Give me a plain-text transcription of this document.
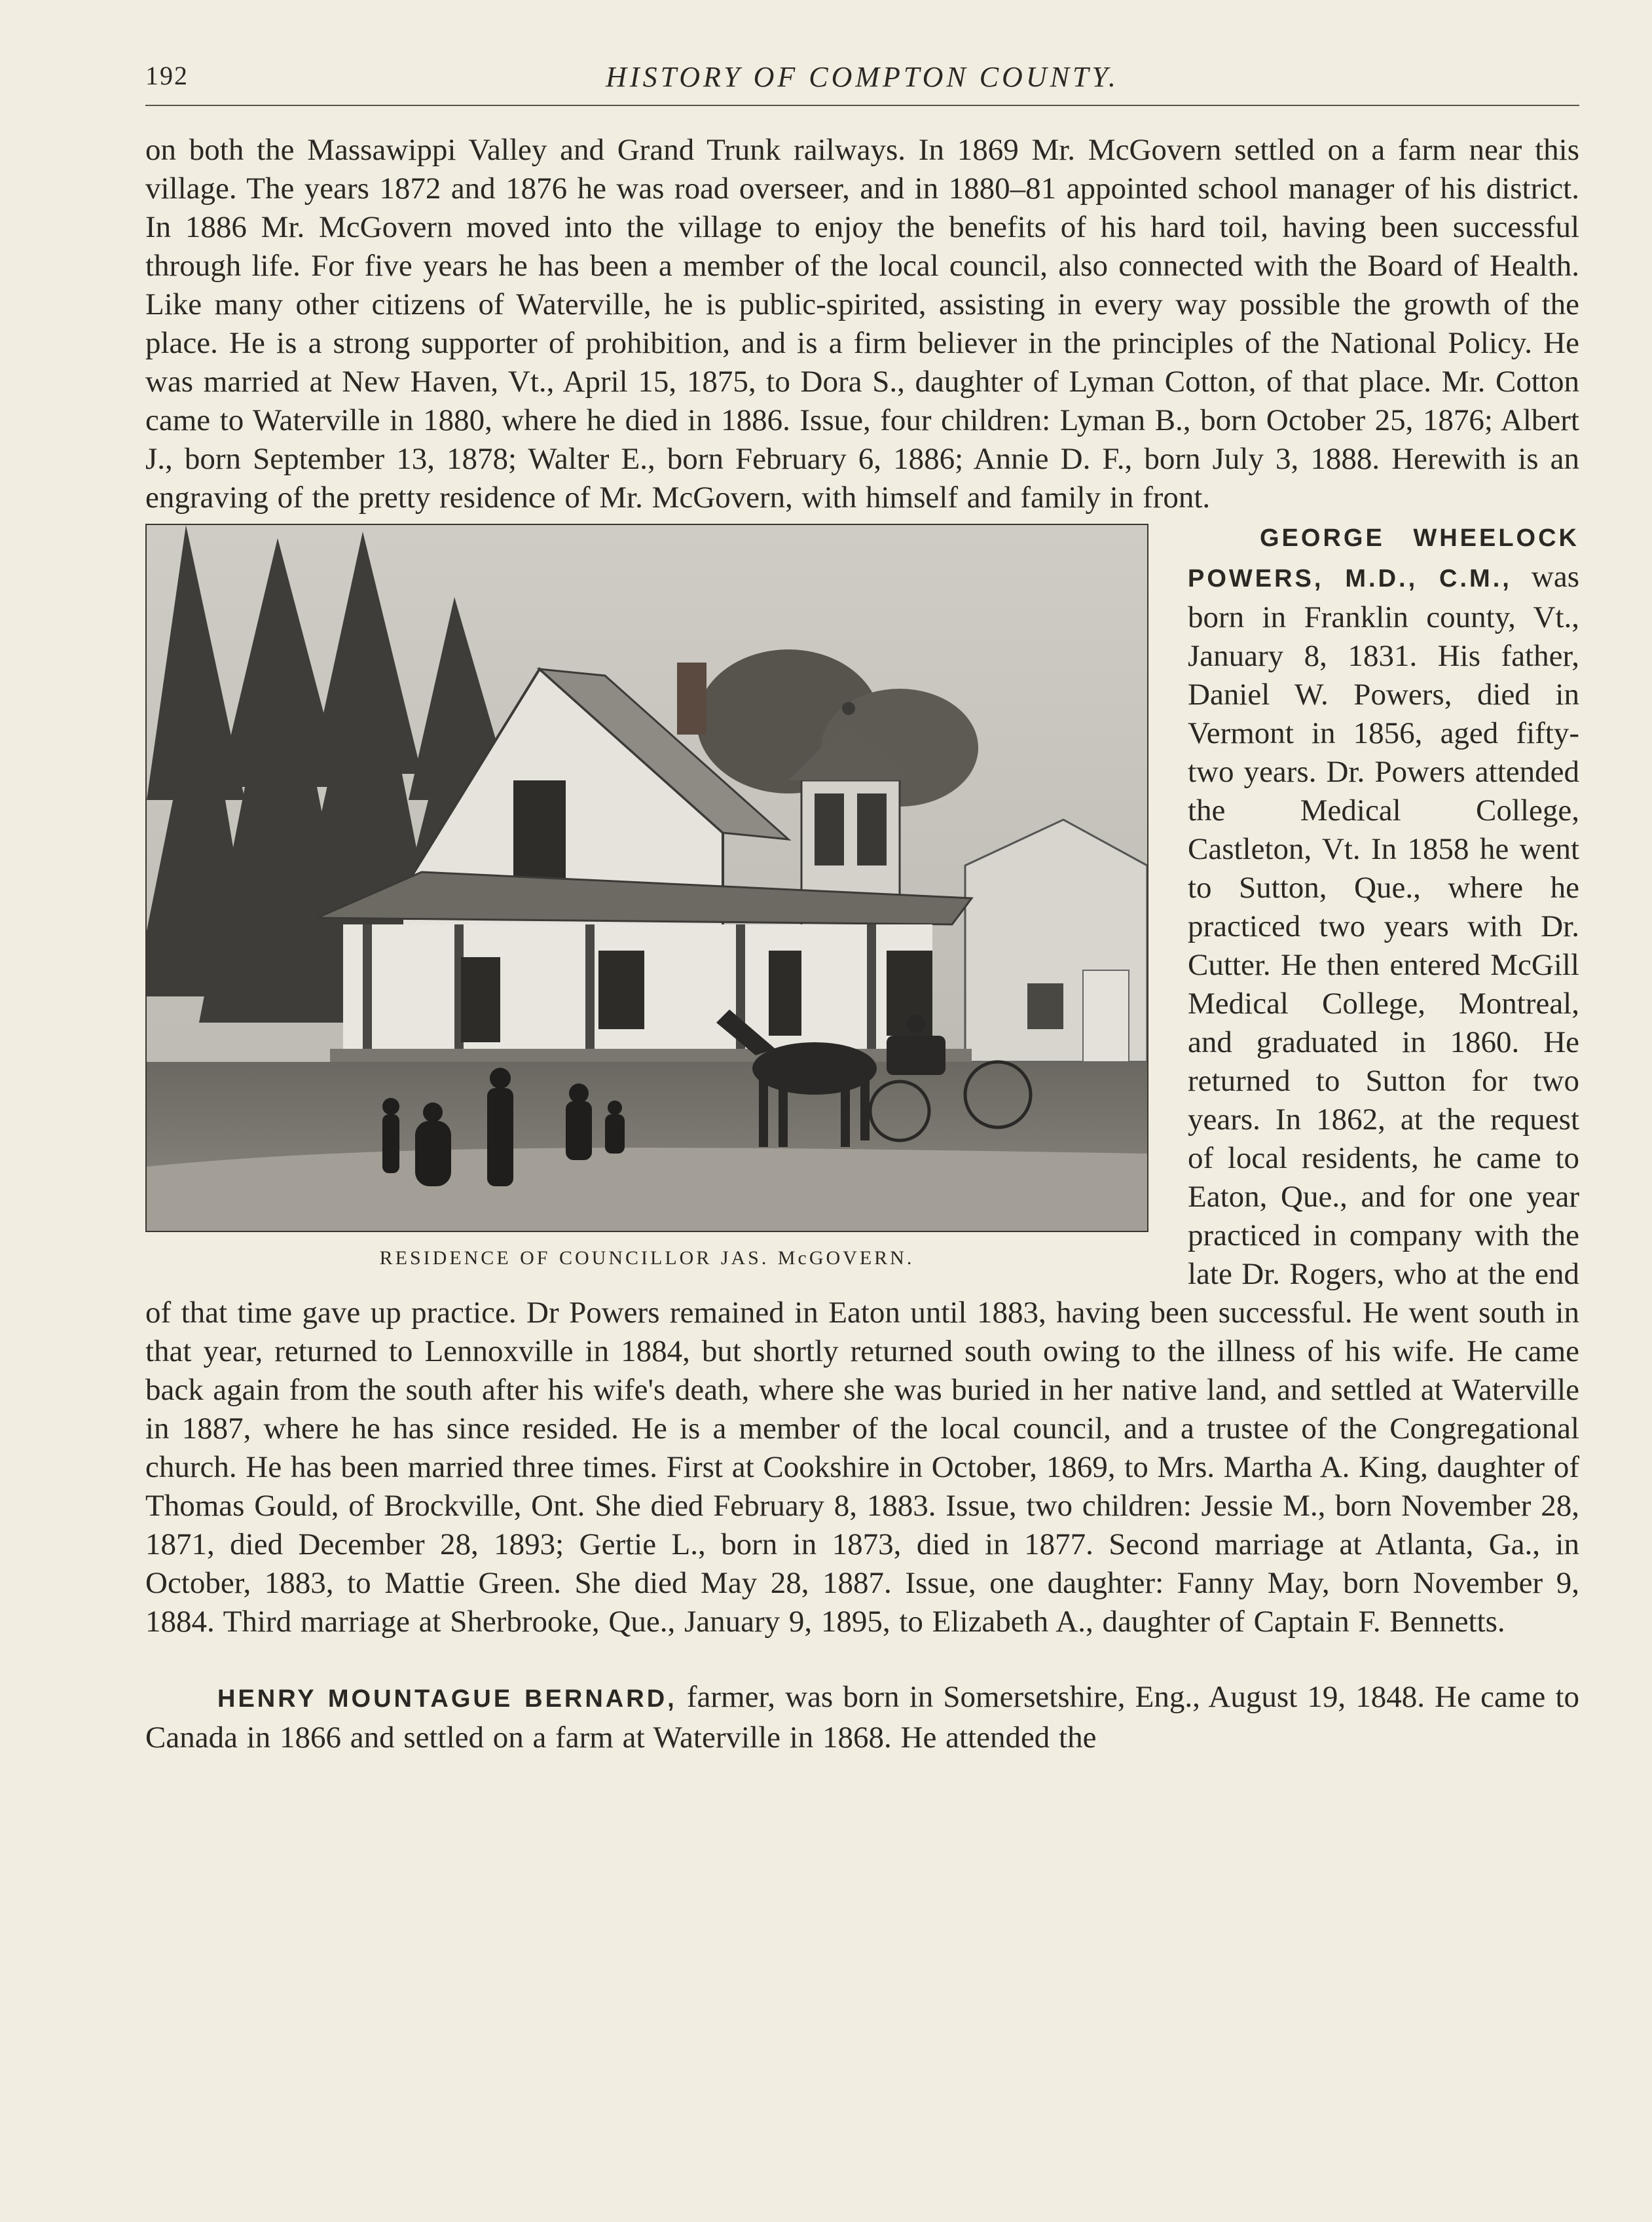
192	HISTORY OF COMPTON COUNTY.

on both the Massawippi Valley and Grand Trunk railways. In 1869 Mr. McGovern settled on a farm near this village. The years 1872 and 1876 he was road overseer, and in 1880–81 appointed school manager of his district. In 1886 Mr. McGovern moved into the village to enjoy the benefits of his hard toil, having been successful through life. For five years he has been a member of the local council, also connected with the Board of Health. Like many other citizens of Waterville, he is public-spirited, assisting in every way possible the growth of the place. He is a strong supporter of prohibition, and is a firm believer in the principles of the National Policy. He was married at New Haven, Vt., April 15, 1875, to Dora S., daughter of Lyman Cotton, of that place. Mr. Cotton came to Waterville in 1880, where he died in 1886. Issue, four children: Lyman B., born October 25, 1876; Albert J., born September 13, 1878; Walter E., born February 6, 1886; Annie D. F., born July 3, 1888. Herewith is an engraving of the pretty residence of Mr. McGovern, with himself and family in front.

RESIDENCE OF COUNCILLOR JAS. McGOVERN.

GEORGE WHEELOCK POWERS, M.D., C.M., was born in Franklin county, Vt., January 8, 1831. His father, Daniel W. Powers, died in Vermont in 1856, aged fifty-two years. Dr. Powers attended the Medical College, Castleton, Vt. In 1858 he went to Sutton, Que., where he practiced two years with Dr. Cutter. He then entered McGill Medical College, Montreal, and graduated in 1860. He returned to Sutton for two years. In 1862, at the request of local residents, he came to Eaton, Que., and for one year practiced in company with the late Dr. Rogers, who at the end of that time gave up practice. Dr Powers remained in Eaton until 1883, having been successful. He went south in that year, returned to Lennoxville in 1884, but shortly returned south owing to the illness of his wife. He came back again from the south after his wife's death, where she was buried in her native land, and settled at Waterville in 1887, where he has since resided. He is a member of the local council, and a trustee of the Congregational church. He has been married three times. First at Cookshire in October, 1869, to Mrs. Martha A. King, daughter of Thomas Gould, of Brockville, Ont. She died February 8, 1883. Issue, two children: Jessie M., born November 28, 1871, died December 28, 1893; Gertie L., born in 1873, died in 1877. Second marriage at Atlanta, Ga., in October, 1883, to Mattie Green. She died May 28, 1887. Issue, one daughter: Fanny May, born November 9, 1884. Third marriage at Sherbrooke, Que., January 9, 1895, to Elizabeth A., daughter of Captain F. Bennetts.

HENRY MOUNTAGUE BERNARD, farmer, was born in Somersetshire, Eng., August 19, 1848. He came to Canada in 1866 and settled on a farm at Waterville in 1868. He attended the
